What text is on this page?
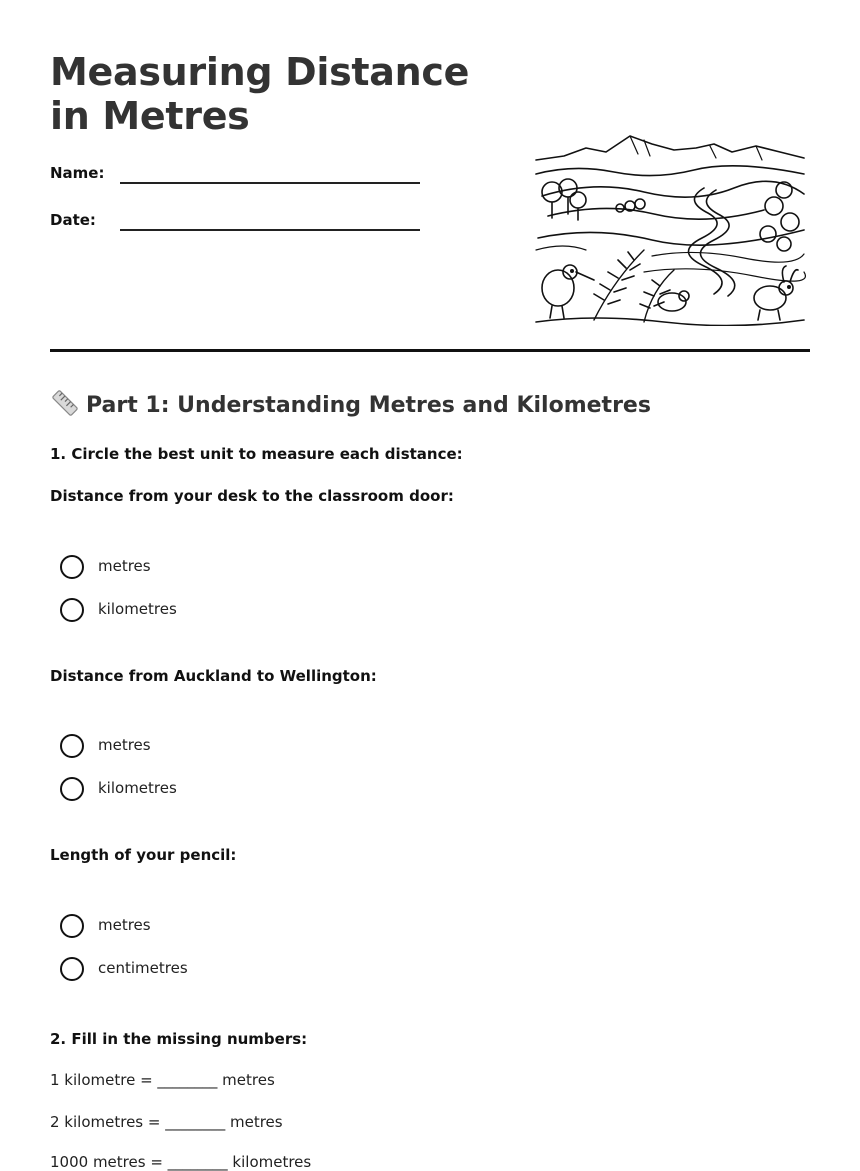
Measuring Distance in Metres
Name:
Date:
Part 1: Understanding Metres and Kilometres
1. Circle the best unit to measure each distance:
Distance from your desk to the classroom door:
metres
kilometres
Distance from Auckland to Wellington:
metres
kilometres
Length of your pencil:
metres
centimetres
2. Fill in the missing numbers:
1 kilometre = ________ metres
2 kilometres = ________ metres
1000 metres = ________ kilometres
